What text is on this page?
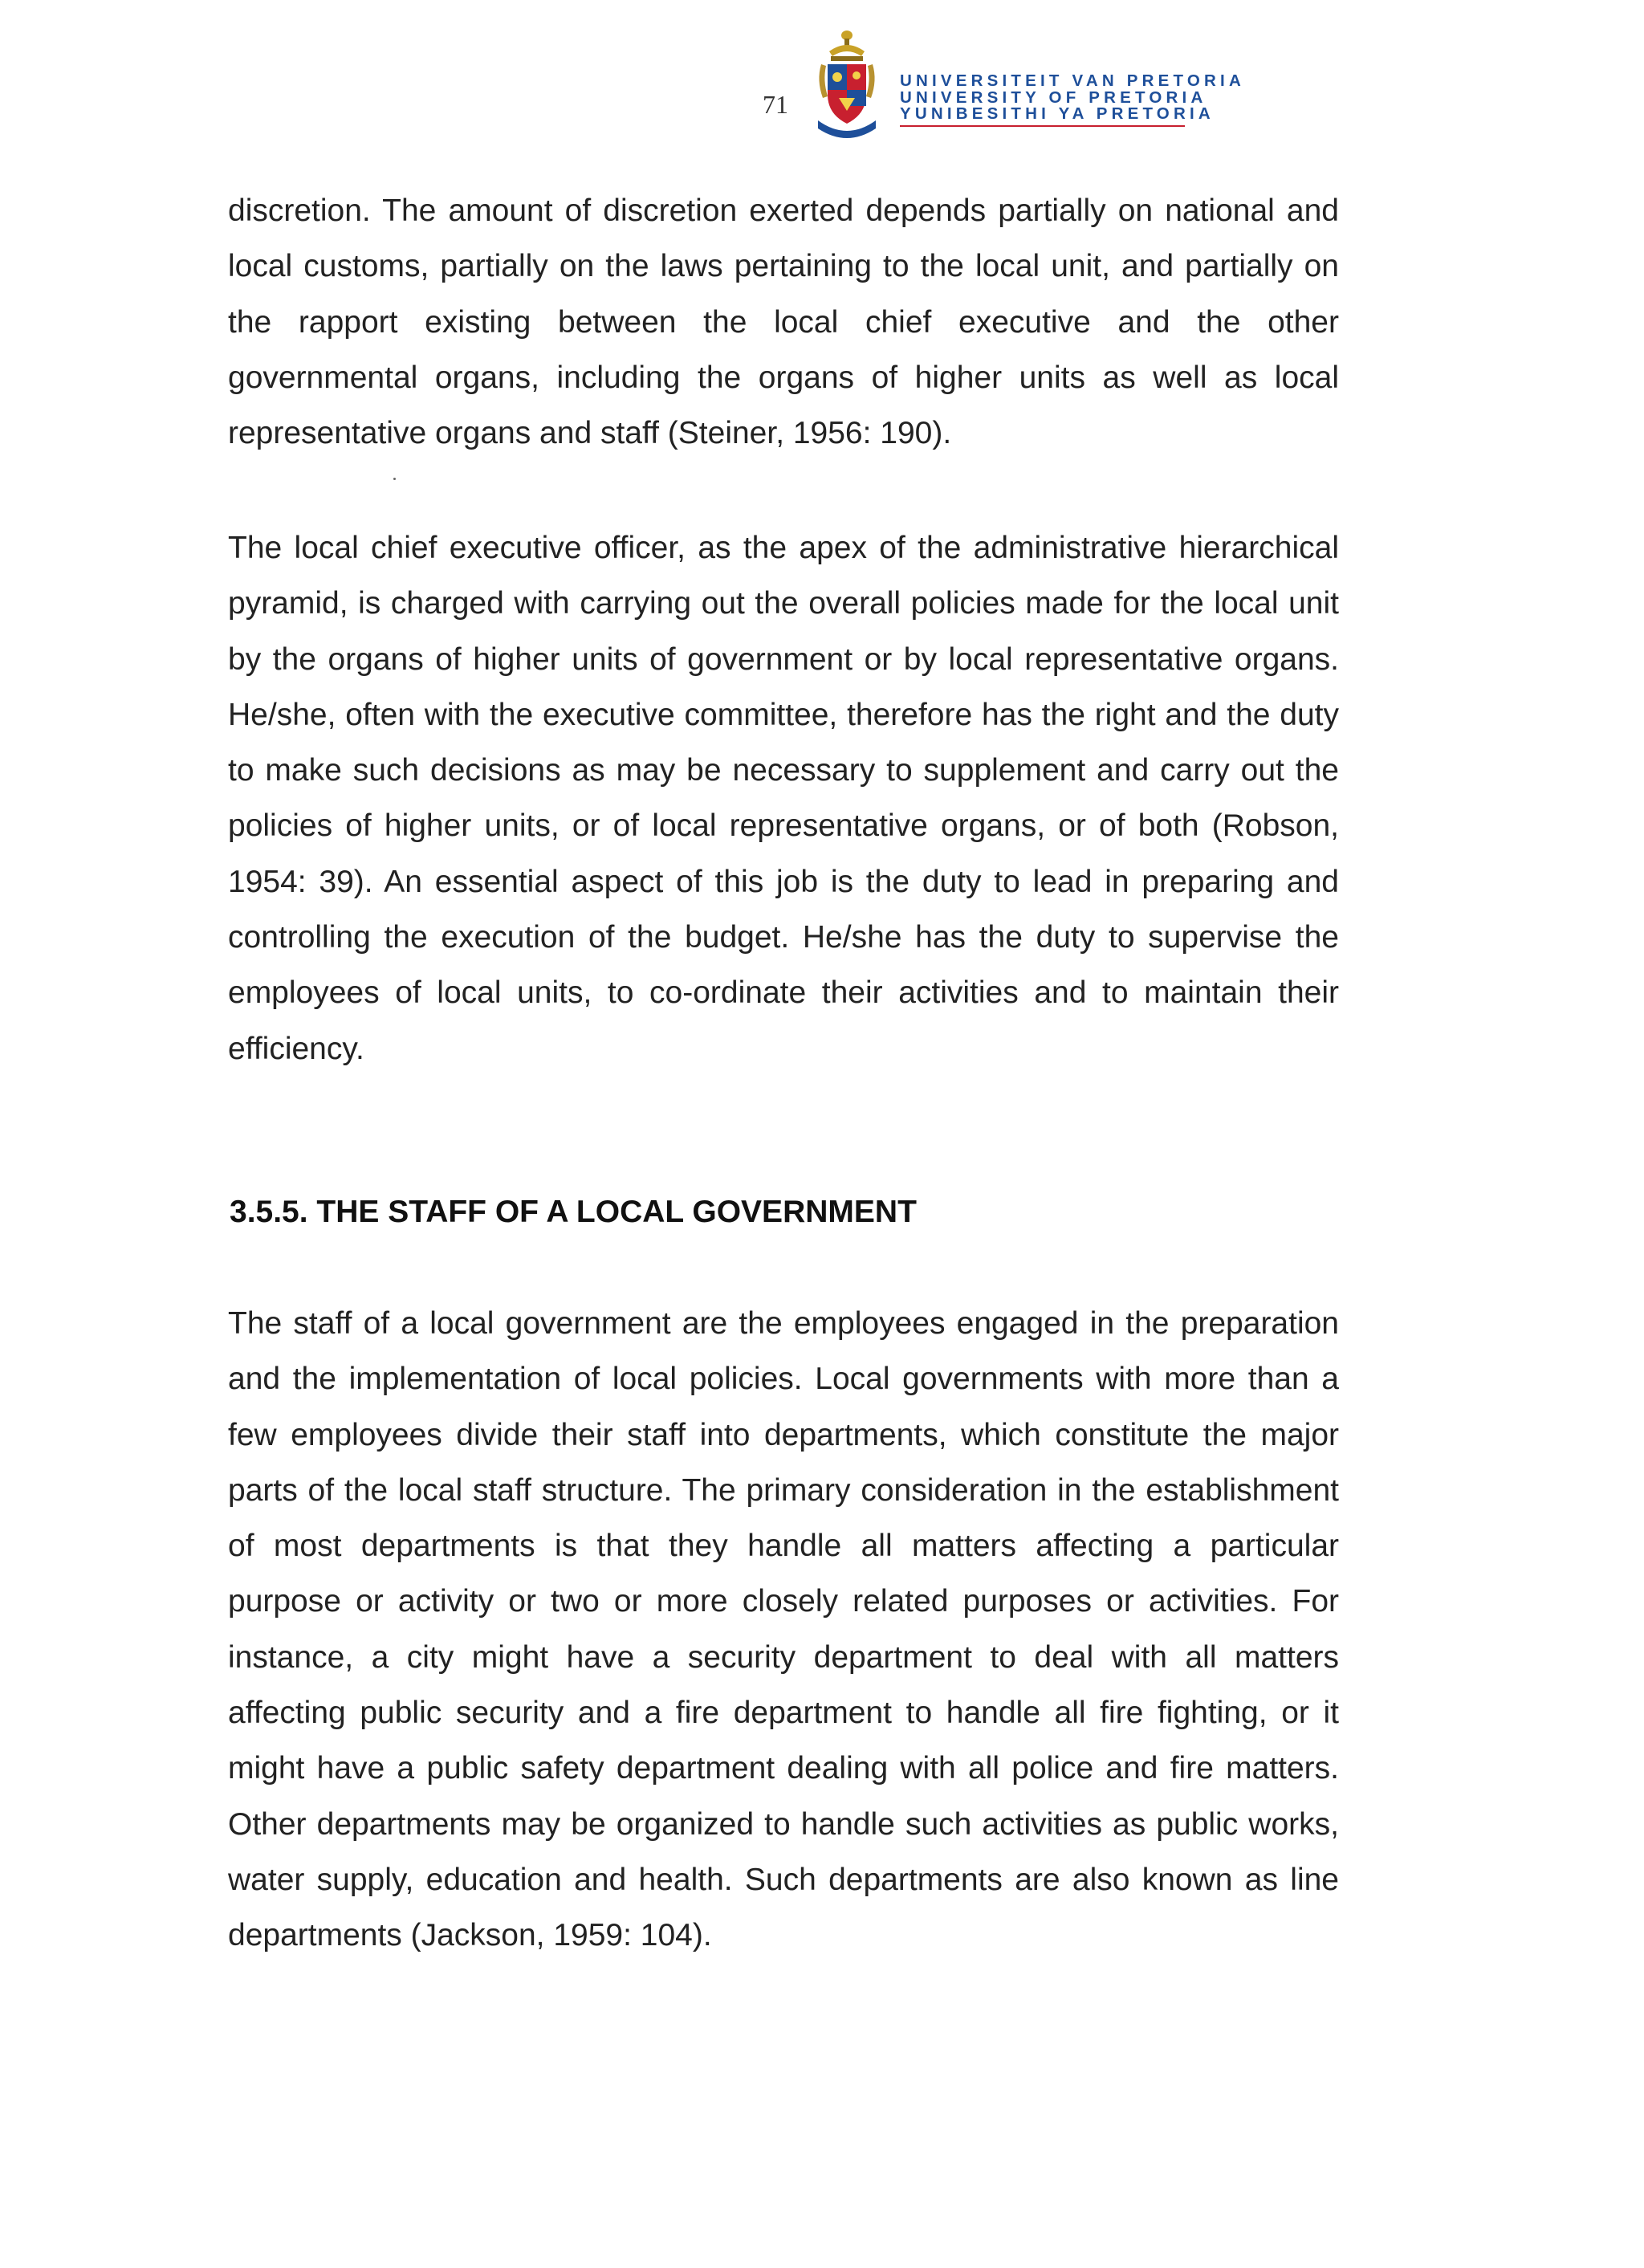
71
UNIVERSITEIT VAN PRETORIA
UNIVERSITY OF PRETORIA
YUNIBESITHI YA PRETORIA

discretion. The amount of discretion exerted depends partially on national and local customs, partially on the laws pertaining to the local unit, and partially on the rapport existing between the local chief executive and the other governmental organs, including the organs of higher units as well as local representative organs and staff (Steiner, 1956: 190).

The local chief executive officer, as the apex of the administrative hierarchical pyramid, is charged with carrying out the overall policies made for the local unit by the organs of higher units of government or by local representative organs. He/she, often with the executive committee, therefore has the right and the duty to make such decisions as may be necessary to supplement and carry out the policies of higher units, or of local representative organs, or of both (Robson, 1954: 39). An essential aspect of this job is the duty to lead in preparing and controlling the execution of the budget. He/she has the duty to supervise the employees of local units, to co-ordinate their activities and to maintain their efficiency.

3.5.5. THE STAFF OF A LOCAL GOVERNMENT

The staff of a local government are the employees engaged in the preparation and the implementation of local policies. Local governments with more than a few employees divide their staff into departments, which constitute the major parts of the local staff structure. The primary consideration in the establishment of most departments is that they handle all matters affecting a particular purpose or activity or two or more closely related purposes or activities. For instance, a city might have a security department to deal with all matters affecting public security and a fire department to handle all fire fighting, or it might have a public safety department dealing with all police and fire matters. Other departments may be organized to handle such activities as public works, water supply, education and health. Such departments are also known as line departments (Jackson, 1959: 104).
